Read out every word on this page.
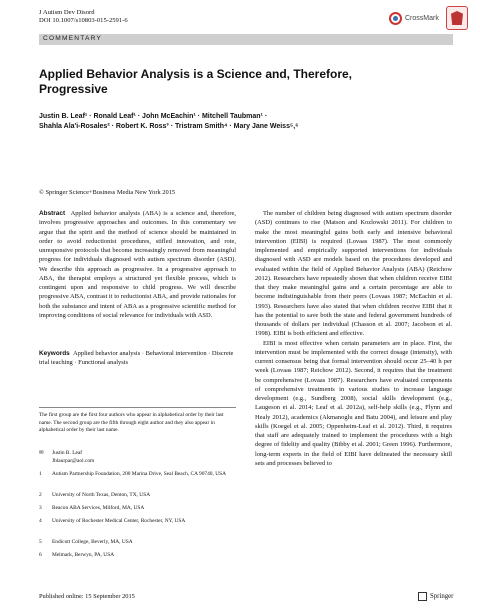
J Autism Dev Disord
DOI 10.1007/s10803-015-2591-6	CrossMark
COMMENTARY
Applied Behavior Analysis is a Science and, Therefore, Progressive
Justin B. Leaf¹ · Ronald Leaf¹ · John McEachin¹ · Mitchell Taubman¹ ·
Shahla Ala'i-Rosales² · Robert K. Ross³ · Tristram Smith⁴ · Mary Jane Weiss⁵,⁶
© Springer Science+Business Media New York 2015

Abstract Applied behavior analysis (ABA) is a science and, therefore, involves progressive approaches and outcomes. In this commentary we argue that the spirit and the method of science should be maintained in order to avoid reductionist procedures, stifled innovation, and rote, unresponsive protocols that become increasingly removed from meaningful progress for individuals diagnosed with autism spectrum disorder (ASD). We describe this approach as progressive. In a progressive approach to ABA, the therapist employs a structured yet flexible process, which is contingent upon and responsive to child progress. We will describe progressive ABA, contrast it to reductionist ABA, and provide rationales for both the substance and intent of ABA as a progressive scientific method for improving conditions of social relevance for individuals with ASD.

Keywords Applied behavior analysis · Behavioral intervention · Discrete trial teaching · Functional analysis

The first group are the first four authors who appear in alphabetical order by their last name. The second group are the fifth through eight author and they also appear in alphabetical order by their last name.
✉	Justin B. Leaf
Jblaurpar@aol.com
1	Autism Partnership Foundation, 200 Marina Drive, Seal Beach, CA 90740, USA
2	University of North Texas, Denton, TX, USA
3	Beacon ABA Services, Milford, MA, USA
4	University of Rochester Medical Center, Rochester, NY, USA
5	Endicott College, Beverly, MA, USA
6	Melmark, Berwyn, PA, USA

The number of children being diagnosed with autism spectrum disorder (ASD) continues to rise (Matson and Kozlowski 2011). For children to make the most meaningful gains both early and intensive behavioral intervention (EIBI) is required (Lovaas 1987). The most commonly implemented and empirically supported interventions for individuals diagnosed with ASD are models based on the procedures developed and evaluated within the field of Applied Behavior Analysis (ABA) (Reichow 2012). Researchers have repeatedly shown that when children receive EIBI that they make meaningful gains and a certain percentage are able to become indistinguishable from their peers (Lovaas 1987; McEachin et al. 1993). Researchers have also stated that when children receive EIBI that it has the potential to save both the state and federal government hundreds of thousands of dollars per individual (Chasson et al. 2007; Jacobson et al. 1998). EIBI is both efficient and effective.

EIBI is most effective when certain parameters are in place. First, the intervention must be implemented with the correct dosage (intensity), with current consensus being that formal intervention should occur 25–40 h per week (Lovaas 1987; Reichow 2012). Second, it requires that the treatment be comprehensive (Lovaas 1987). Researchers have evaluated components of comprehensive treatments in various studies to increase language development (e.g., Sundberg 2008), social skills development (e.g., Laugeson et al. 2014; Leaf et al. 2012a), self-help skills (e.g., Flynn and Healy 2012), academics (Akmanoglu and Batu 2004), and leisure and play skills (Koegel et al. 2005; Oppenheim-Leaf et al. 2012). Third, it requires that staff are adequately trained to implement the procedures with a high degree of fidelity and quality (Bibby et al. 2001; Green 1996). Furthermore, long-term experts in the field of EIBI have delineated the necessary skill sets and processes believed to

Published online: 15 September 2015	Springer
